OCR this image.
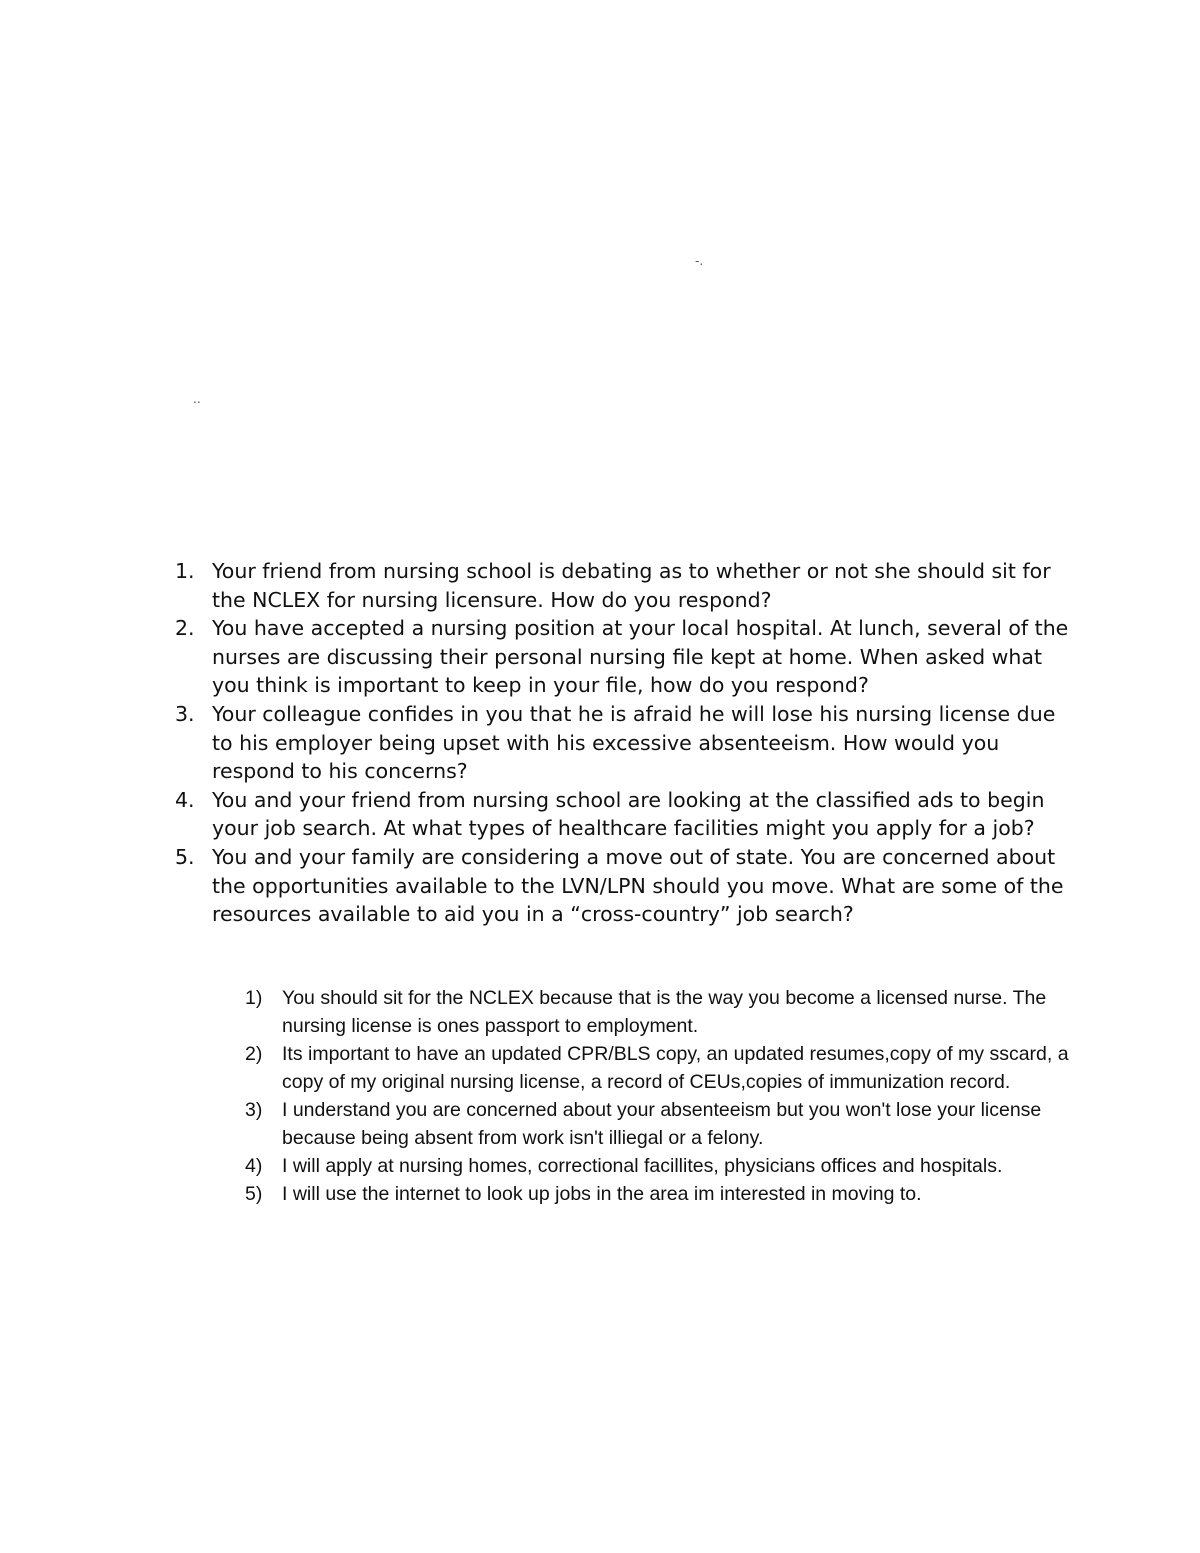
-.
..
1. Your friend from nursing school is debating as to whether or not she should sit for the NCLEX for nursing licensure. How do you respond?
2. You have accepted a nursing position at your local hospital. At lunch, several of the nurses are discussing their personal nursing file kept at home. When asked what you think is important to keep in your file, how do you respond?
3. Your colleague confides in you that he is afraid he will lose his nursing license due to his employer being upset with his excessive absenteeism. How would you respond to his concerns?
4. You and your friend from nursing school are looking at the classified ads to begin your job search. At what types of healthcare facilities might you apply for a job?
5. You and your family are considering a move out of state. You are concerned about the opportunities available to the LVN/LPN should you move. What are some of the resources available to aid you in a “cross-country” job search?
1)	You should sit for the NCLEX because that is the way you become a licensed nurse. The nursing license is ones passport to employment.
2)	Its important to have an updated CPR/BLS copy, an updated resumes,copy of my sscard, a copy of my original nursing license, a record of CEUs,copies of immunization record.
3)	I understand you are concerned about your absenteeism but you won't lose your license because being absent from work isn't illiegal or a felony.
4)	I will apply at nursing homes, correctional facillites, physicians offices and hospitals.
5)	I will use the internet to look up jobs in the area im interested in moving to.
